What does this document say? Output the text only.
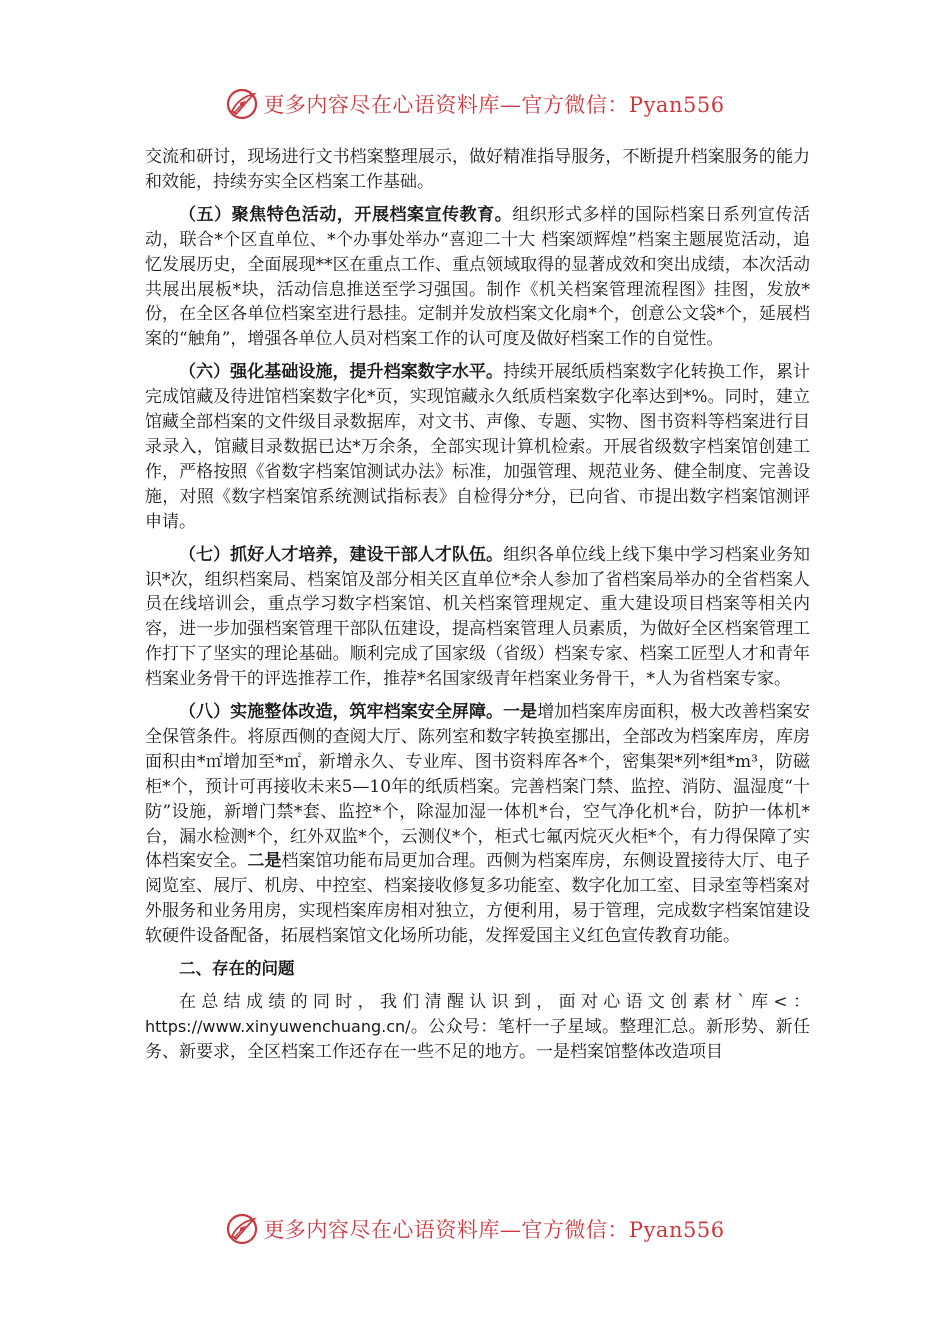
更多内容尽在心语资料库—官方微信：Pyan556

交流和研讨，现场进行文书档案整理展示，做好精准指导服务，不断提升档案服务的能力和效能，持续夯实全区档案工作基础。

（五）聚焦特色活动，开展档案宣传教育。组织形式多样的国际档案日系列宣传活动，联合*个区直单位、*个办事处举办“喜迎二十大 档案颂辉煌”档案主题展览活动，追忆发展历史，全面展现**区在重点工作、重点领域取得的显著成效和突出成绩，本次活动共展出展板*块，活动信息推送至学习强国。制作《机关档案管理流程图》挂图，发放*份，在全区各单位档案室进行悬挂。定制并发放档案文化扇*个，创意公文袋*个，延展档案的“触角”，增强各单位人员对档案工作的认可度及做好档案工作的自觉性。

（六）强化基础设施，提升档案数字水平。持续开展纸质档案数字化转换工作，累计完成馆藏及待进馆档案数字化*页，实现馆藏永久纸质档案数字化率达到*%。同时，建立馆藏全部档案的文件级目录数据库，对文书、声像、专题、实物、图书资料等档案进行目录录入，馆藏目录数据已达*万余条，全部实现计算机检索。开展省级数字档案馆创建工作，严格按照《省数字档案馆测试办法》标准，加强管理、规范业务、健全制度、完善设施，对照《数字档案馆系统测试指标表》自检得分*分，已向省、市提出数字档案馆测评申请。

（七）抓好人才培养，建设干部人才队伍。组织各单位线上线下集中学习档案业务知识*次，组织档案局、档案馆及部分相关区直单位*余人参加了省档案局举办的全省档案人员在线培训会，重点学习数字档案馆、机关档案管理规定、重大建设项目档案等相关内容，进一步加强档案管理干部队伍建设，提高档案管理人员素质，为做好全区档案管理工作打下了坚实的理论基础。顺利完成了国家级（省级）档案专家、档案工匠型人才和青年档案业务骨干的评选推荐工作，推荐*名国家级青年档案业务骨干，*人为省档案专家。

（八）实施整体改造，筑牢档案安全屏障。一是增加档案库房面积，极大改善档案安全保管条件。将原西侧的查阅大厅、陈列室和数字转换室挪出，全部改为档案库房，库房面积由*㎡增加至*㎡，新增永久、专业库、图书资料库各*个，密集架*列*组*m³，防磁柜*个，预计可再接收未来5—10年的纸质档案。完善档案门禁、监控、消防、温湿度“十防”设施，新增门禁*套、监控*个，除湿加湿一体机*台，空气净化机*台，防护一体机*台，漏水检测*个，红外双监*个，云测仪*个，柜式七氟丙烷灭火柜*个，有力得保障了实体档案安全。二是档案馆功能布局更加合理。西侧为档案库房，东侧设置接待大厅、电子阅览室、展厅、机房、中控室、档案接收修复多功能室、数字化加工室、目录室等档案对外服务和业务用房，实现档案库房相对独立，方便利用，易于管理，完成数字档案馆建设软硬件设备配备，拓展档案馆文化场所功能，发挥爱国主义红色宣传教育功能。

二、存在的问题

在总结成绩的同时，我们清醒认识到，面对心语文创素材`库<：https://www.xinyuwenchuang.cn/。公众号：笔杆一子星域。整理汇总。新形势、新任务、新要求，全区档案工作还存在一些不足的地方。一是档案馆整体改造项目

更多内容尽在心语资料库—官方微信：Pyan556
